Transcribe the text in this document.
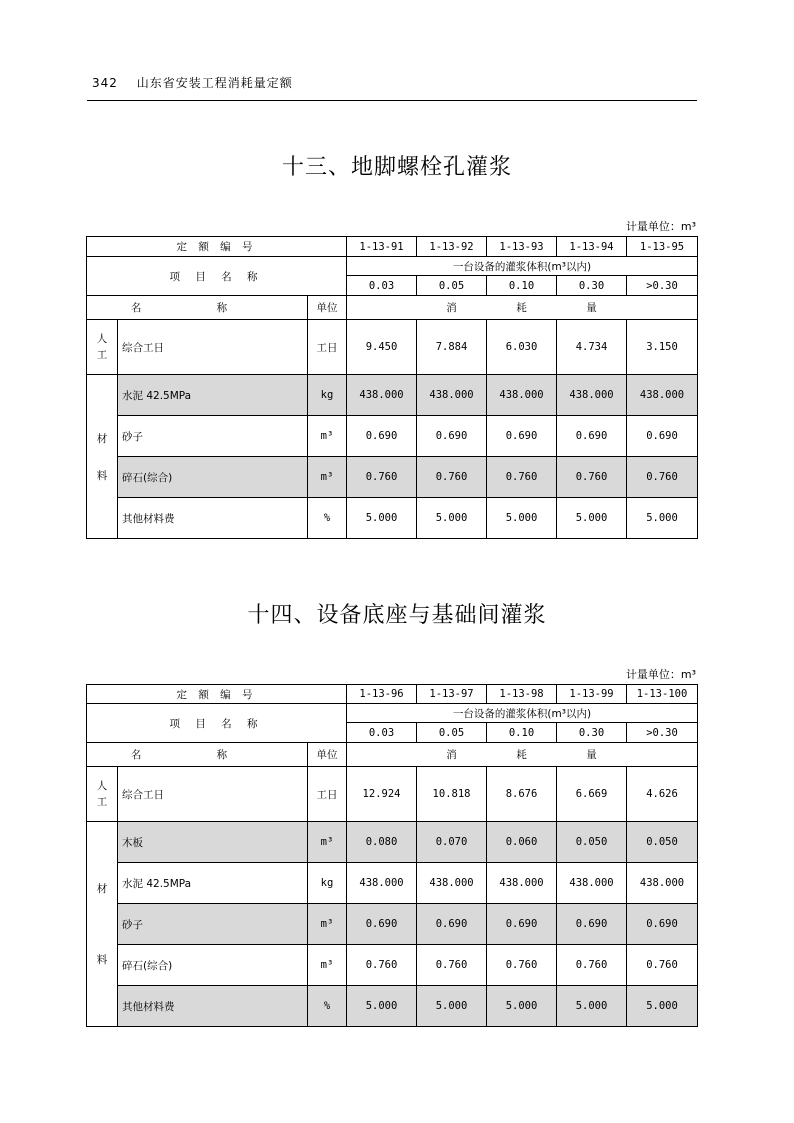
342 山东省安装工程消耗量定额
十三、地脚螺栓孔灌浆
计量单位：m³
定 额 编 号			1-13-91	1-13-92	1-13-93	1-13-94	1-13-95
项 目 名 称			一台设备的灌浆体积(m³以内)				
			0.03	0.05	0.10	0.30	>0.30
名 称		单位		消	耗	量	
人
工	综合工日	工日	9.450	7.884	6.030	4.734	3.150

材
料	水泥 42.5MPa	kg	438.000	438.000	438.000	438.000	438.000
	砂子	m³	0.690	0.690	0.690	0.690	0.690
	碎石(综合)	m³	0.760	0.760	0.760	0.760	0.760
	其他材料费	%	5.000	5.000	5.000	5.000	5.000
十四、设备底座与基础间灌浆
计量单位：m³
定 额 编 号			1-13-96	1-13-97	1-13-98	1-13-99	1-13-100
项 目 名 称			一台设备的灌浆体积(m³以内)				
			0.03	0.05	0.10	0.30	>0.30
名 称		单位		消	耗	量	
人
工	综合工日	工日	12.924	10.818	8.676	6.669	4.626

材
料	木板	m³	0.080	0.070	0.060	0.050	0.050
	水泥 42.5MPa	kg	438.000	438.000	438.000	438.000	438.000
	砂子	m³	0.690	0.690	0.690	0.690	0.690
	碎石(综合)	m³	0.760	0.760	0.760	0.760	0.760
	其他材料费	%	5.000	5.000	5.000	5.000	5.000
